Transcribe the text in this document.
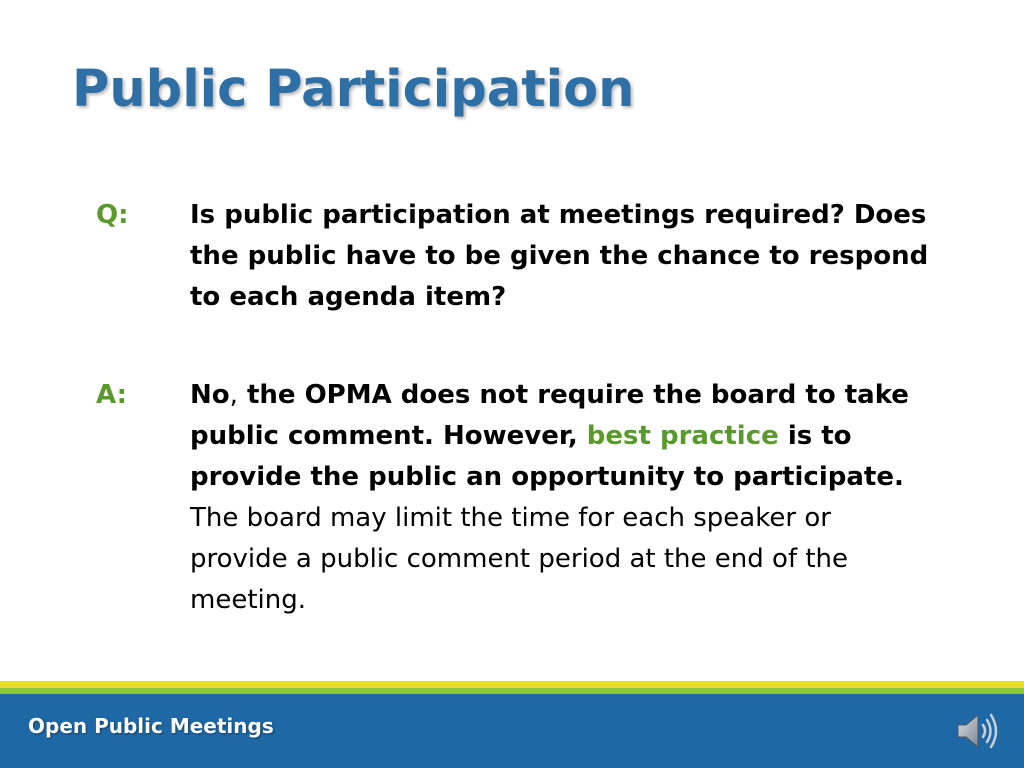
Public Participation
Q: Is public participation at meetings required? Does the public have to be given the chance to respond to each agenda item?
A: No, the OPMA does not require the board to take public comment. However, best practice is to provide the public an opportunity to participate. The board may limit the time for each speaker or provide a public comment period at the end of the meeting.
Open Public Meetings
